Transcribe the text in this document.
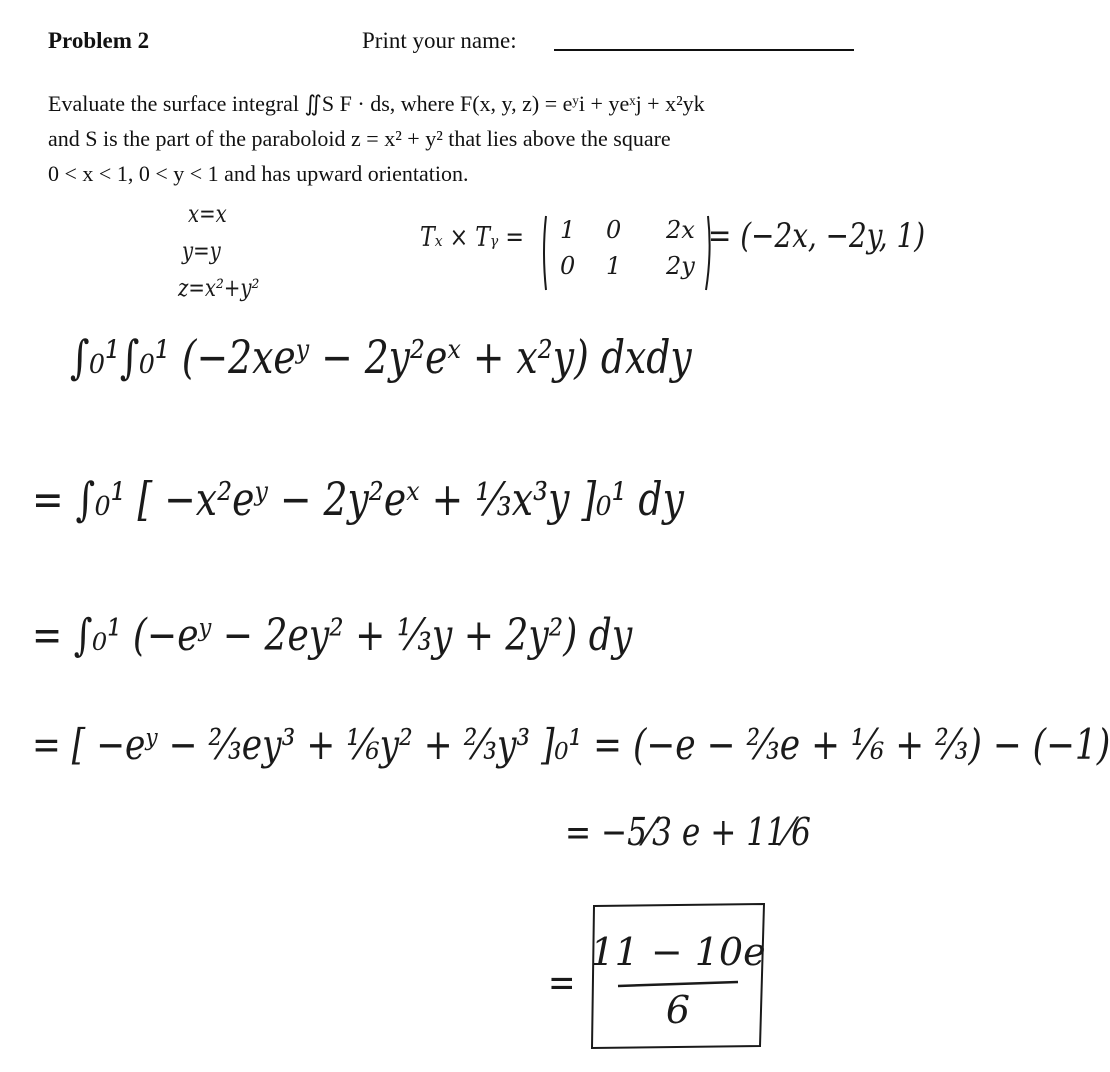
Problem 2	Print your name:

Evaluate the surface integral ∬S F · ds, where F(x, y, z) = eʸi + yeˣj + x²yk

and S is the part of the paraboloid z = x² + y² that lies above the square

0 < x < 1, 0 < y < 1 and has upward orientation.

x=x
y=y
z=x²+y²
Tₓ × Tᵧ = 1 0 2x
0 1 2y
= (−2x, −2y, 1)
∫₀¹∫₀¹ (−2xeʸ − 2y²eˣ + x²y) dxdy
= ∫₀¹ [ −x²eʸ − 2y²eˣ + ⅓x³y ]₀¹ dy
= ∫₀¹ (−eʸ − 2ey² + ⅓y + 2y²) dy
= [ −eʸ − ⅔ey³ + ⅙y² + ⅔y³ ]₀¹ = (−e − ⅔e + ⅙ + ⅔) − (−1)
= −5⁄3 e + 11⁄6
=
11 − 10e
6
